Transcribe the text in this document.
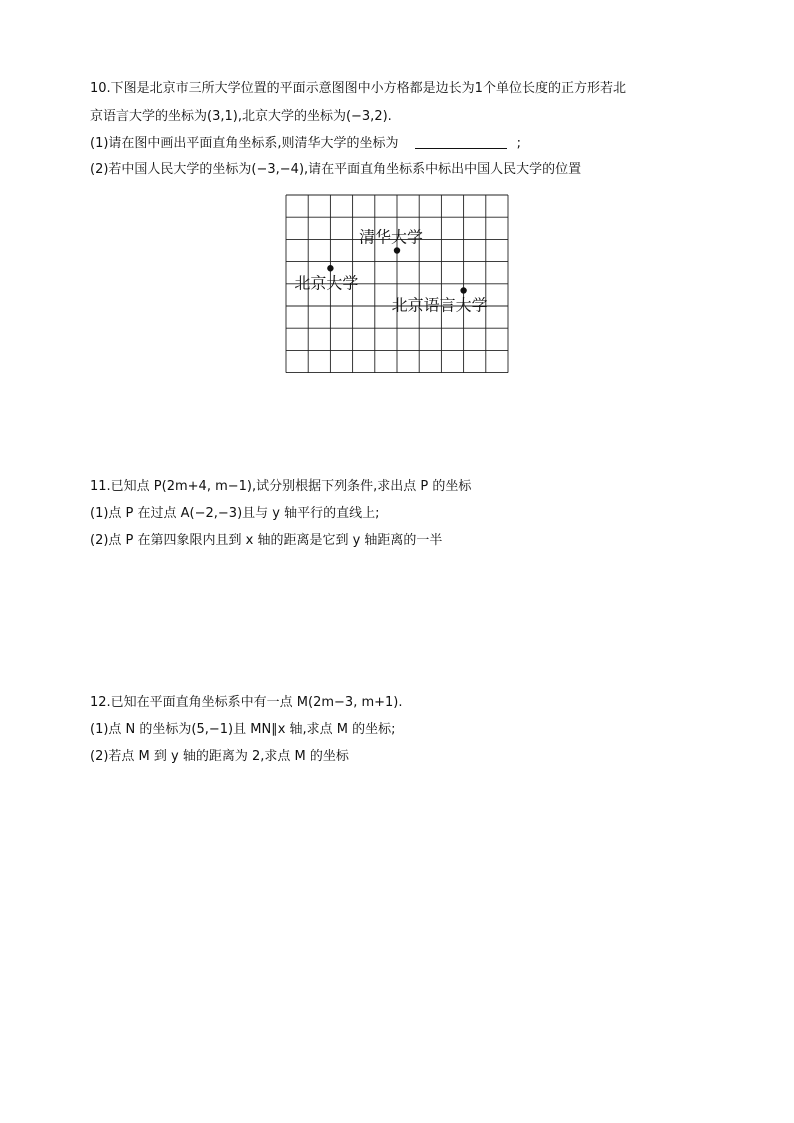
10.下图是北京市三所大学位置的平面示意图图中小方格都是边长为1个单位长度的正方形若北
京语言大学的坐标为(3,1),北京大学的坐标为(−3,2).
(1)请在图中画出平面直角坐标系,则清华大学的坐标为	;
(2)若中国人民大学的坐标为(−3,−4),请在平面直角坐标系中标出中国人民大学的位置
清华大学
北京大学
北京语言大学
11.已知点 P(2m+4, m−1),试分别根据下列条件,求出点 P 的坐标
(1)点 P 在过点 A(−2,−3)且与 y 轴平行的直线上;
(2)点 P 在第四象限内且到 x 轴的距离是它到 y 轴距离的一半
12.已知在平面直角坐标系中有一点 M(2m−3, m+1).
(1)点 N 的坐标为(5,−1)且 MN∥x 轴,求点 M 的坐标;
(2)若点 M 到 y 轴的距离为 2,求点 M 的坐标
